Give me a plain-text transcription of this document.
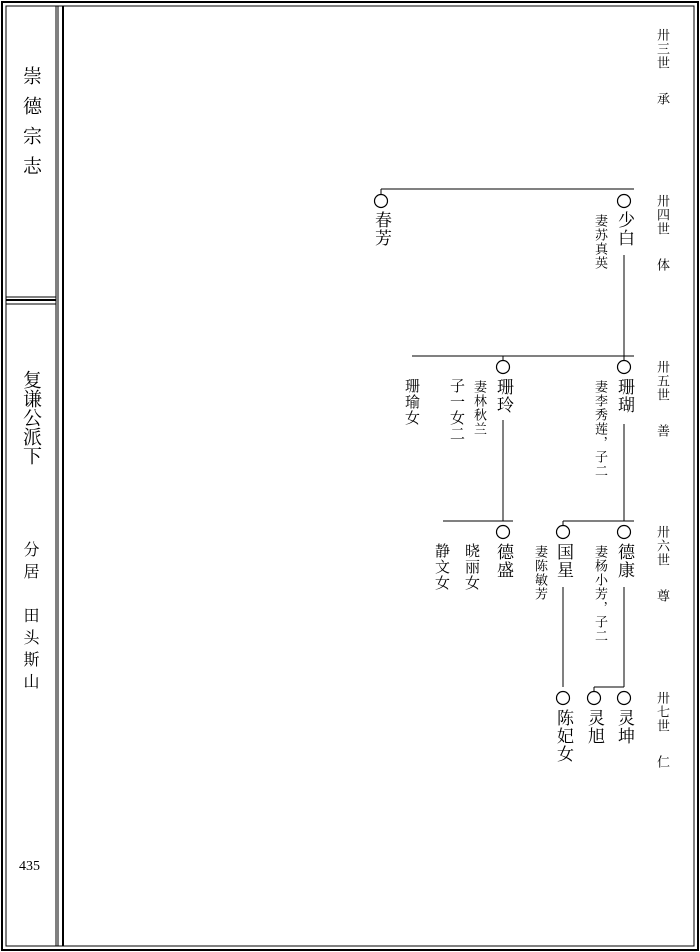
崇德宗志
复谦公派下
分居　田头斯山
435
卅三世
承
卅四世
体
卅五世
善
卅六世
尊
卅七世
仁
少白
妻苏真英
春芳
珊瑚
妻李秀莲，子二
珊玲
妻林秋兰
子一女二
珊瑜女
德康
妻杨小芳，子二
国星
妻陈敏芳
德盛
晓丽女
静文女
灵坤
灵旭
陈妃女
